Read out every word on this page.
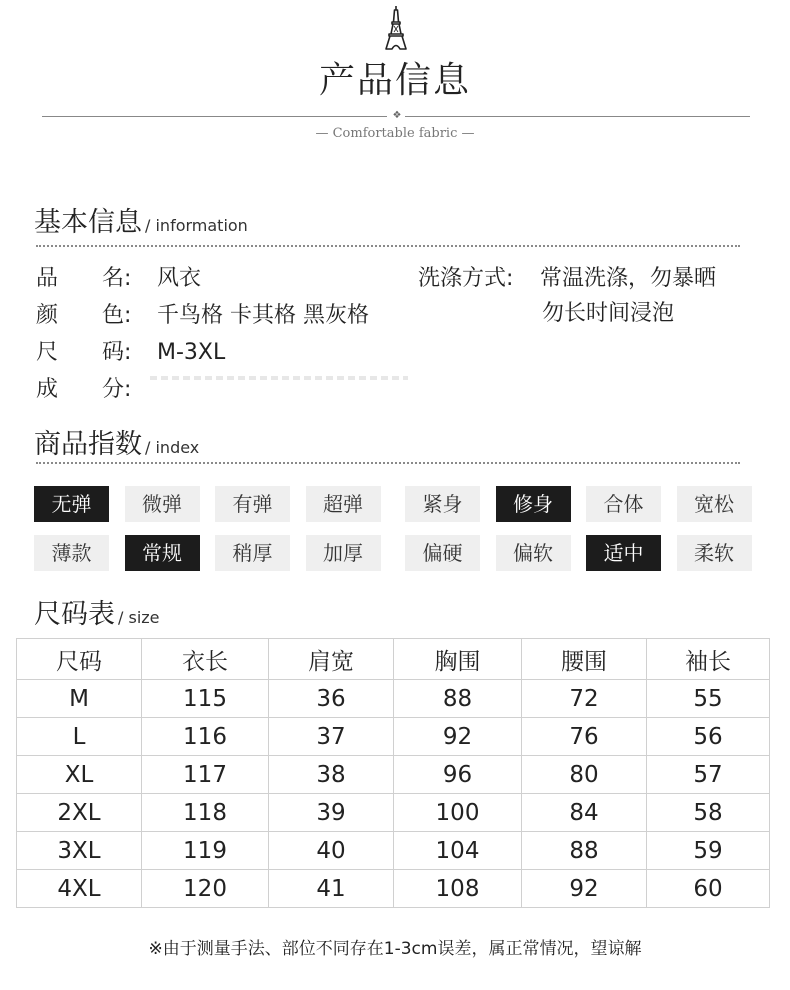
产品信息
❖
— Comfortable fabric —
基本信息 / information
品　　名: 风衣
颜　　色: 千鸟格 卡其格 黑灰格
尺　　码: M-3XL
成　　分:
洗涤方式: 常温洗涤，勿暴晒
勿长时间浸泡
商品指数 / index
无弹	微弹	有弹	超弹	紧身	修身	合体	宽松
薄款	常规	稍厚	加厚	偏硬	偏软	适中	柔软
尺码表 / size
尺码	衣长	肩宽	胸围	腰围	袖长
M	115	36	88	72	55
L	116	37	92	76	56
XL	117	38	96	80	57
2XL	118	39	100	84	58
3XL	119	40	104	88	59
4XL	120	41	108	92	60
※由于测量手法、部位不同存在1-3cm误差，属正常情况，望谅解
